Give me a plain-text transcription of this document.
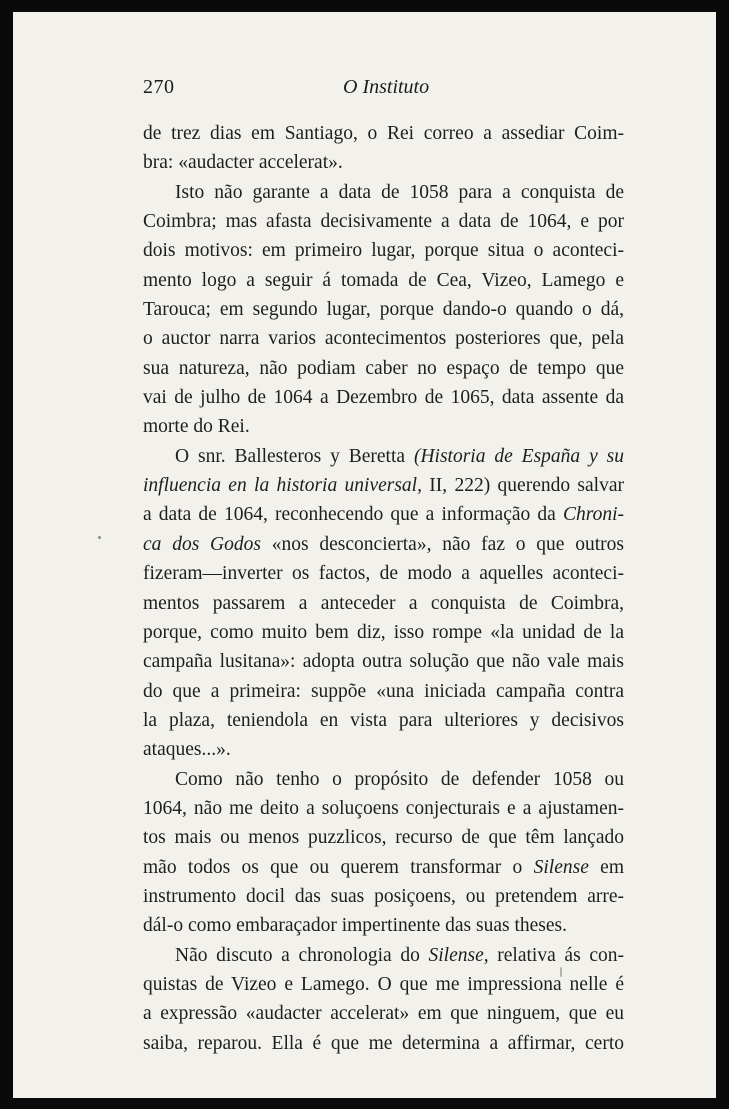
270	O Instituto
de trez dias em Santiago, o Rei correo a assediar Coim-
bra: «audacter accelerat».
Isto não garante a data de 1058 para a conquista de
Coimbra; mas afasta decisivamente a data de 1064, e por
dois motivos: em primeiro lugar, porque situa o aconteci-
mento logo a seguir á tomada de Cea, Vizeo, Lamego e
Tarouca; em segundo lugar, porque dando-o quando o dá,
o auctor narra varios acontecimentos posteriores que, pela
sua natureza, não podiam caber no espaço de tempo que
vai de julho de 1064 a Dezembro de 1065, data assente da
morte do Rei.
O snr. Ballesteros y Beretta (Historia de España y su
influencia en la historia universal, II, 222) querendo salvar
a data de 1064, reconhecendo que a informação da Chroni-
ca dos Godos «nos desconcierta», não faz o que outros
fizeram—inverter os factos, de modo a aquelles aconteci-
mentos passarem a anteceder a conquista de Coimbra,
porque, como muito bem diz, isso rompe «la unidad de la
campaña lusitana»: adopta outra solução que não vale mais
do que a primeira: suppõe «una iniciada campaña contra
la plaza, teniendola en vista para ulteriores y decisivos
ataques...».
Como não tenho o propósito de defender 1058 ou
1064, não me deito a soluçoens conjecturais e a ajustamen-
tos mais ou menos puzzlicos, recurso de que têm lançado
mão todos os que ou querem transformar o Silense em
instrumento docil das suas posiçoens, ou pretendem arre-
dál-o como embaraçador impertinente das suas theses.
Não discuto a chronologia do Silense, relativa ás con-
quistas de Vizeo e Lamego. O que me impressiona nelle é
a expressão «audacter accelerat» em que ninguem, que eu
saiba, reparou. Ella é que me determina a affirmar, certo
